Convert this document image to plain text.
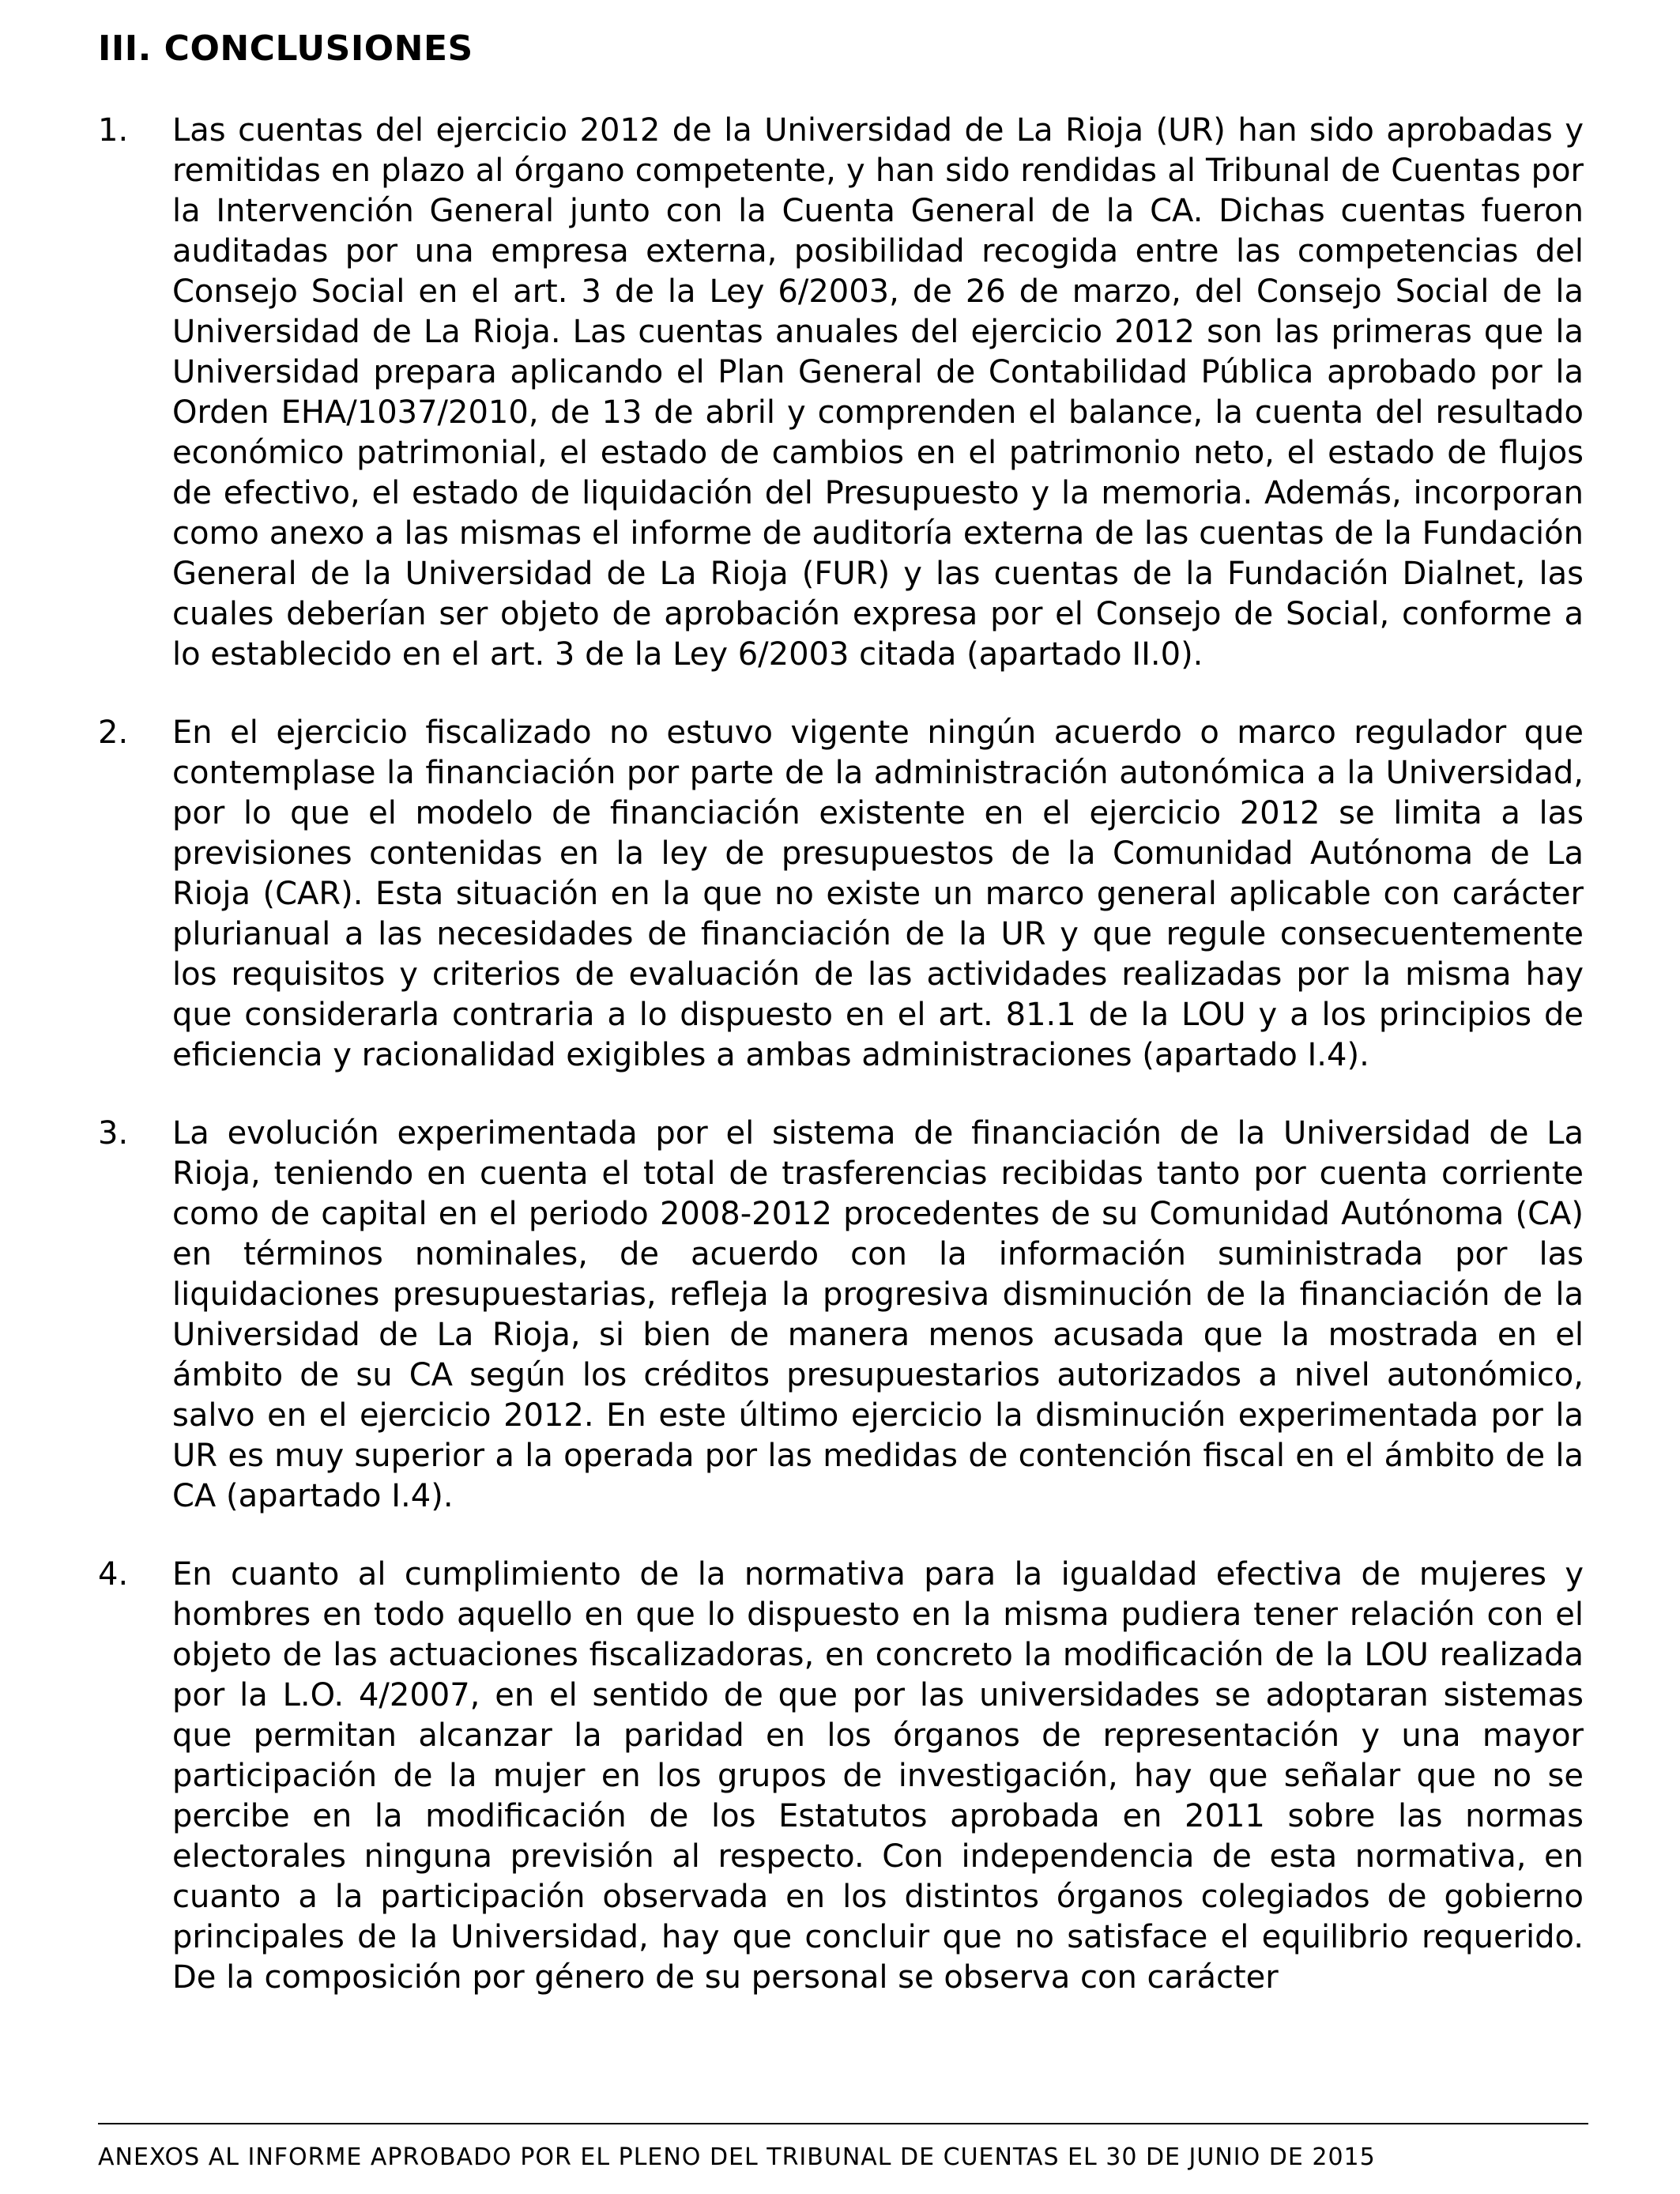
III. CONCLUSIONES
1. Las cuentas del ejercicio 2012 de la Universidad de La Rioja (UR) han sido aprobadas y remitidas en plazo al órgano competente, y han sido rendidas al Tribunal de Cuentas por la Intervención General junto con la Cuenta General de la CA. Dichas cuentas fueron auditadas por una empresa externa, posibilidad recogida entre las competencias del Consejo Social en el art. 3 de la Ley 6/2003, de 26 de marzo, del Consejo Social de la Universidad de La Rioja. Las cuentas anuales del ejercicio 2012 son las primeras que la Universidad prepara aplicando el Plan General de Contabilidad Pública aprobado por la Orden EHA/1037/2010, de 13 de abril y comprenden el balance, la cuenta del resultado económico patrimonial, el estado de cambios en el patrimonio neto, el estado de flujos de efectivo, el estado de liquidación del Presupuesto y la memoria. Además, incorporan como anexo a las mismas el informe de auditoría externa de las cuentas de la Fundación General de la Universidad de La Rioja (FUR) y las cuentas de la Fundación Dialnet, las cuales deberían ser objeto de aprobación expresa por el Consejo de Social, conforme a lo establecido en el art. 3 de la Ley 6/2003 citada (apartado II.0).

2. En el ejercicio fiscalizado no estuvo vigente ningún acuerdo o marco regulador que contemplase la financiación por parte de la administración autonómica a la Universidad, por lo que el modelo de financiación existente en el ejercicio 2012 se limita a las previsiones contenidas en la ley de presupuestos de la Comunidad Autónoma de La Rioja (CAR). Esta situación en la que no existe un marco general aplicable con carácter plurianual a las necesidades de financiación de la UR y que regule consecuentemente los requisitos y criterios de evaluación de las actividades realizadas por la misma hay que considerarla contraria a lo dispuesto en el art. 81.1 de la LOU y a los principios de eficiencia y racionalidad exigibles a ambas administraciones (apartado I.4).

3. La evolución experimentada por el sistema de financiación de la Universidad de La Rioja, teniendo en cuenta el total de trasferencias recibidas tanto por cuenta corriente como de capital en el periodo 2008-2012 procedentes de su Comunidad Autónoma (CA) en términos nominales, de acuerdo con la información suministrada por las liquidaciones presupuestarias, refleja la progresiva disminución de la financiación de la Universidad de La Rioja, si bien de manera menos acusada que la mostrada en el ámbito de su CA según los créditos presupuestarios autorizados a nivel autonómico, salvo en el ejercicio 2012. En este último ejercicio la disminución experimentada por la UR es muy superior a la operada por las medidas de contención fiscal en el ámbito de la CA (apartado I.4).

4. En cuanto al cumplimiento de la normativa para la igualdad efectiva de mujeres y hombres en todo aquello en que lo dispuesto en la misma pudiera tener relación con el objeto de las actuaciones fiscalizadoras, en concreto la modificación de la LOU realizada por la L.O. 4/2007, en el sentido de que por las universidades se adoptaran sistemas que permitan alcanzar la paridad en los órganos de representación y una mayor participación de la mujer en los grupos de investigación, hay que señalar que no se percibe en la modificación de los Estatutos aprobada en 2011 sobre las normas electorales ninguna previsión al respecto. Con independencia de esta normativa, en cuanto a la participación observada en los distintos órganos colegiados de gobierno principales de la Universidad, hay que concluir que no satisface el equilibrio requerido. De la composición por género de su personal se observa con carácter

ANEXOS AL INFORME APROBADO POR EL PLENO DEL TRIBUNAL DE CUENTAS EL 30 DE JUNIO DE 2015
